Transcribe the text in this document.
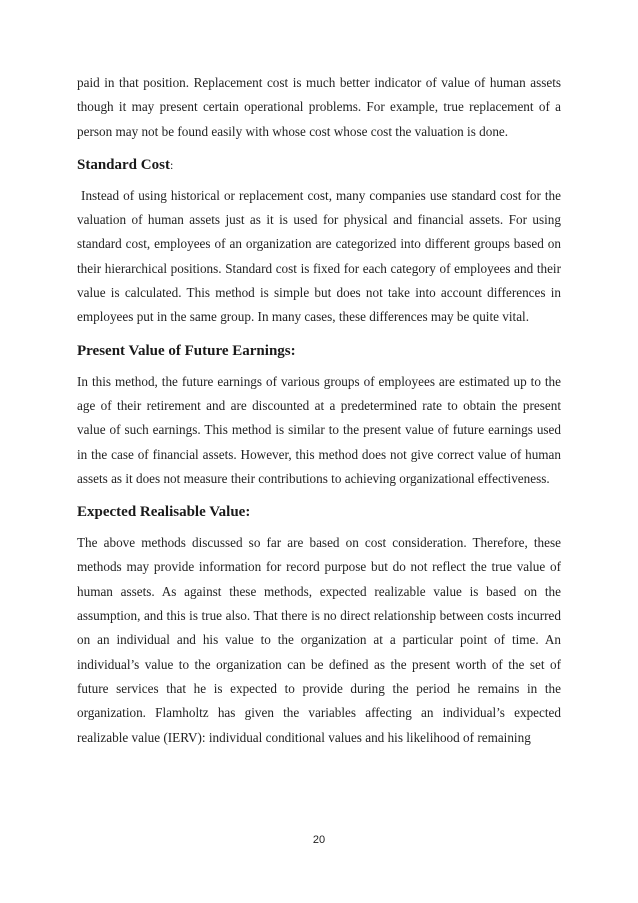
paid in that position. Replacement cost is much better indicator of value of human assets though it may present certain operational problems. For example, true replacement of a person may not be found easily with whose cost whose cost the valuation is done.

Standard Cost:

Instead of using historical or replacement cost, many companies use standard cost for the valuation of human assets just as it is used for physical and financial assets. For using standard cost, employees of an organization are categorized into different groups based on their hierarchical positions. Standard cost is fixed for each category of employees and their value is calculated. This method is simple but does not take into account differences in employees put in the same group. In many cases, these differences may be quite vital.

Present Value of Future Earnings:

In this method, the future earnings of various groups of employees are estimated up to the age of their retirement and are discounted at a predetermined rate to obtain the present value of such earnings. This method is similar to the present value of future earnings used in the case of financial assets. However, this method does not give correct value of human assets as it does not measure their contributions to achieving organizational effectiveness.

Expected Realisable Value:

The above methods discussed so far are based on cost consideration. Therefore, these methods may provide information for record purpose but do not reflect the true value of human assets. As against these methods, expected realizable value is based on the assumption, and this is true also. That there is no direct relationship between costs incurred on an individual and his value to the organization at a particular point of time. An individual’s value to the organization can be defined as the present worth of the set of future services that he is expected to provide during the period he remains in the organization. Flamholtz has given the variables affecting an individual’s expected realizable value (IERV): individual conditional values and his likelihood of remaining

20
